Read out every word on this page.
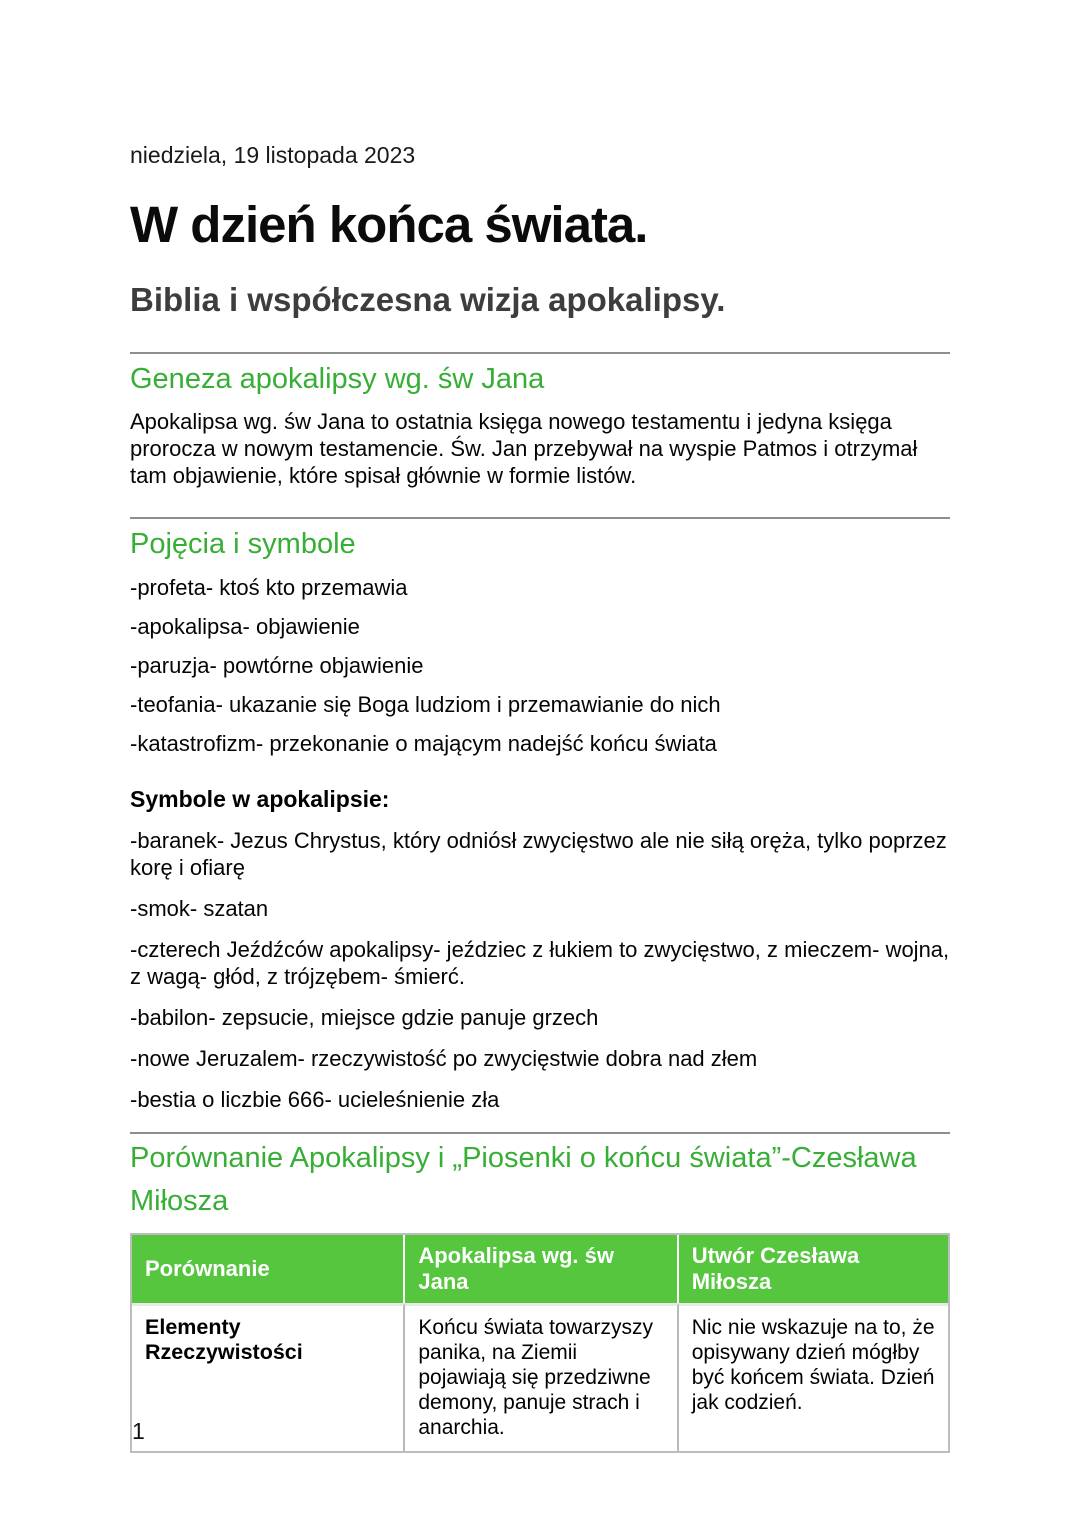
niedziela, 19 listopada 2023
W dzień końca świata.
Biblia i współczesna wizja apokalipsy.
Geneza apokalipsy wg. św Jana

Apokalipsa wg. św Jana to ostatnia księga nowego testamentu i jedyna księga prorocza w nowym testamencie. Św. Jan przebywał na wyspie Patmos i otrzymał tam objawienie, które spisał głównie w formie listów.

Pojęcia i symbole

-profeta- ktoś kto przemawia

-apokalipsa- objawienie

-paruzja- powtórne objawienie

-teofania- ukazanie się Boga ludziom i przemawianie do nich

-katastrofizm- przekonanie o mającym nadejść końcu świata

Symbole w apokalipsie:

-baranek- Jezus Chrystus, który odniósł zwycięstwo ale nie siłą oręża, tylko poprzez korę i ofiarę

-smok- szatan

-czterech Jeźdźców apokalipsy- jeździec z łukiem to zwycięstwo, z mieczem- wojna, z wagą- głód, z trójzębem- śmierć.

-babilon- zepsucie, miejsce gdzie panuje grzech

-nowe Jeruzalem- rzeczywistość po zwycięstwie dobra nad złem

-bestia o liczbie 666- ucieleśnienie zła

Porównanie Apokalipsy i „Piosenki o końcu świata”-Czesława Miłosza
Porównanie	Apokalipsa wg. św Jana	Utwór Czesława Miłosza
Elementy Rzeczywistości	Końcu świata towarzyszy panika, na Ziemii pojawiają się przedziwne demony, panuje strach i anarchia.	Nic nie wskazuje na to, że opisywany dzień mógłby być końcem świata. Dzień jak codzień.
1
